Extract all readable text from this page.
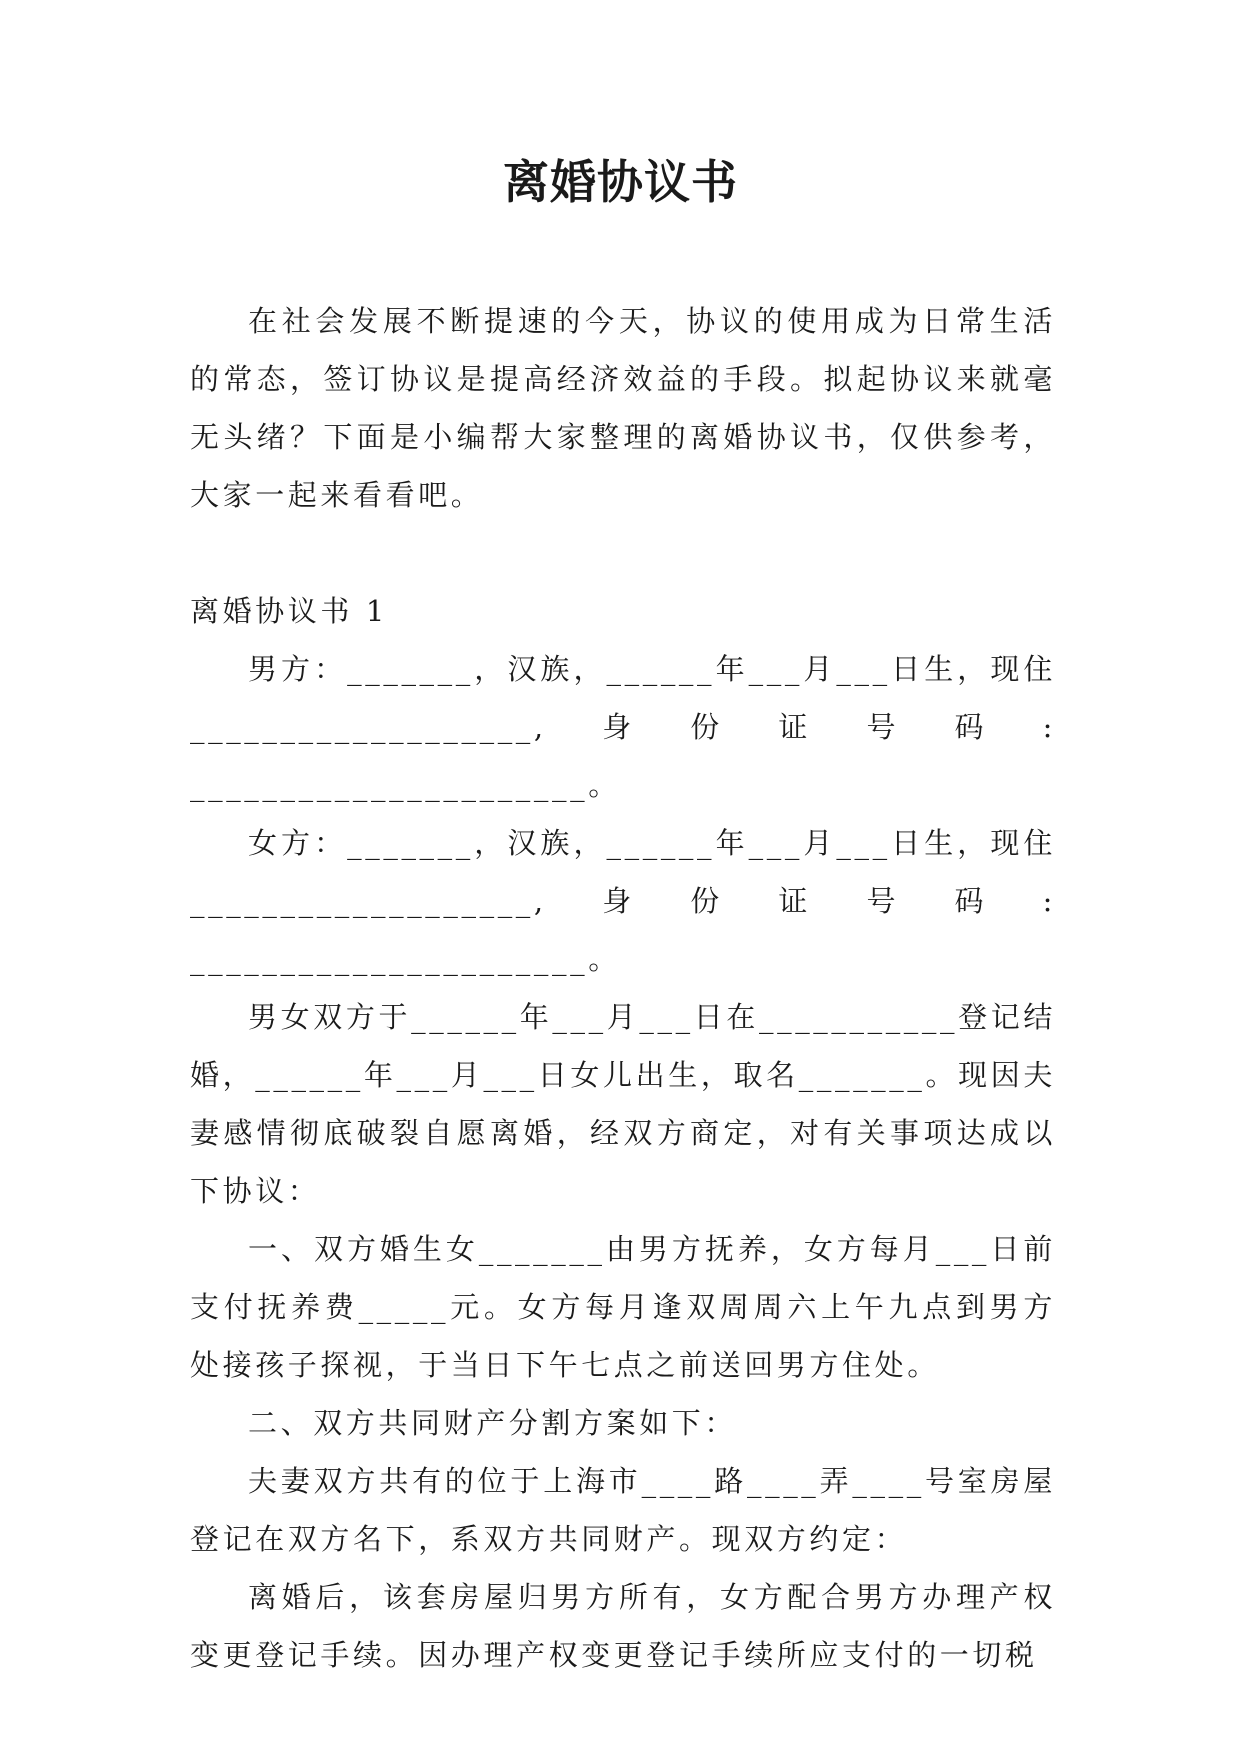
离婚协议书

在社会发展不断提速的今天，协议的使用成为日常生活的常态，签订协议是提高经济效益的手段。拟起协议来就毫无头绪？下面是小编帮大家整理的离婚协议书，仅供参考，大家一起来看看吧。

离婚协议书 1

男方：_______，汉族，______年___月___日生，现住___________________,身份证号码: ______________________。

女方：_______，汉族，______年___月___日生，现住___________________,身份证号码: ______________________。

男女双方于______年___月___日在___________登记结婚，______年___月___日女儿出生，取名_______。现因夫妻感情彻底破裂自愿离婚，经双方商定，对有关事项达成以下协议：

一、双方婚生女_______由男方抚养，女方每月___日前支付抚养费_____元。女方每月逢双周周六上午九点到男方处接孩子探视，于当日下午七点之前送回男方住处。

二、双方共同财产分割方案如下：

夫妻双方共有的位于上海市____路____弄____号室房屋登记在双方名下，系双方共同财产。现双方约定：

离婚后，该套房屋归男方所有，女方配合男方办理产权变更登记手续。因办理产权变更登记手续所应支付的一切税
